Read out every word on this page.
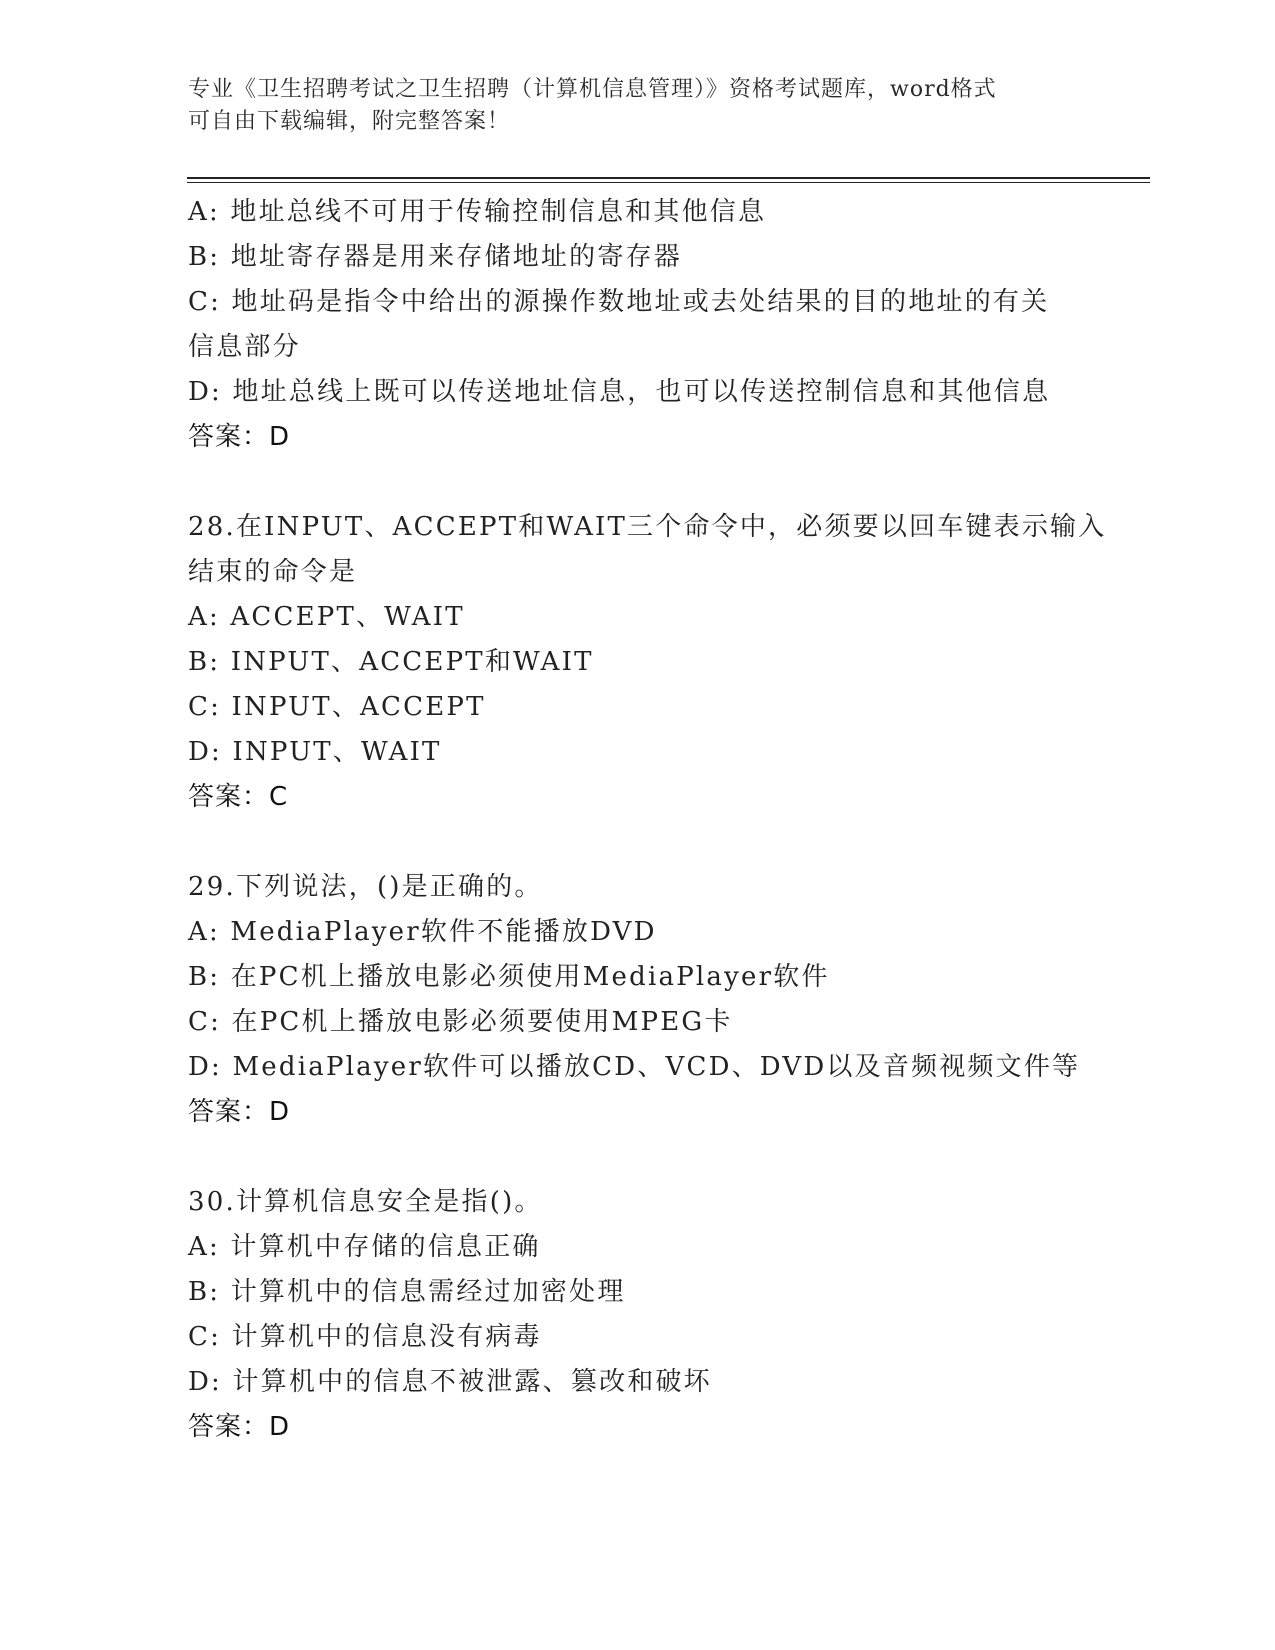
专业《卫生招聘考试之卫生招聘（计算机信息管理）》资格考试题库，word格式
可自由下载编辑，附完整答案！
A: 地址总线不可用于传输控制信息和其他信息
B: 地址寄存器是用来存储地址的寄存器
C: 地址码是指令中给出的源操作数地址或去处结果的目的地址的有关
信息部分
D: 地址总线上既可以传送地址信息，也可以传送控制信息和其他信息
答案：D
28.在INPUT、ACCEPT和WAIT三个命令中，必须要以回车键表示输入
结束的命令是
A: ACCEPT、WAIT
B: INPUT、ACCEPT和WAIT
C: INPUT、ACCEPT
D: INPUT、WAIT
答案：C
29.下列说法，()是正确的。
A: MediaPlayer软件不能播放DVD
B: 在PC机上播放电影必须使用MediaPlayer软件
C: 在PC机上播放电影必须要使用MPEG卡
D: MediaPlayer软件可以播放CD、VCD、DVD以及音频视频文件等
答案：D
30.计算机信息安全是指()。
A: 计算机中存储的信息正确
B: 计算机中的信息需经过加密处理
C: 计算机中的信息没有病毒
D: 计算机中的信息不被泄露、篡改和破坏
答案：D
